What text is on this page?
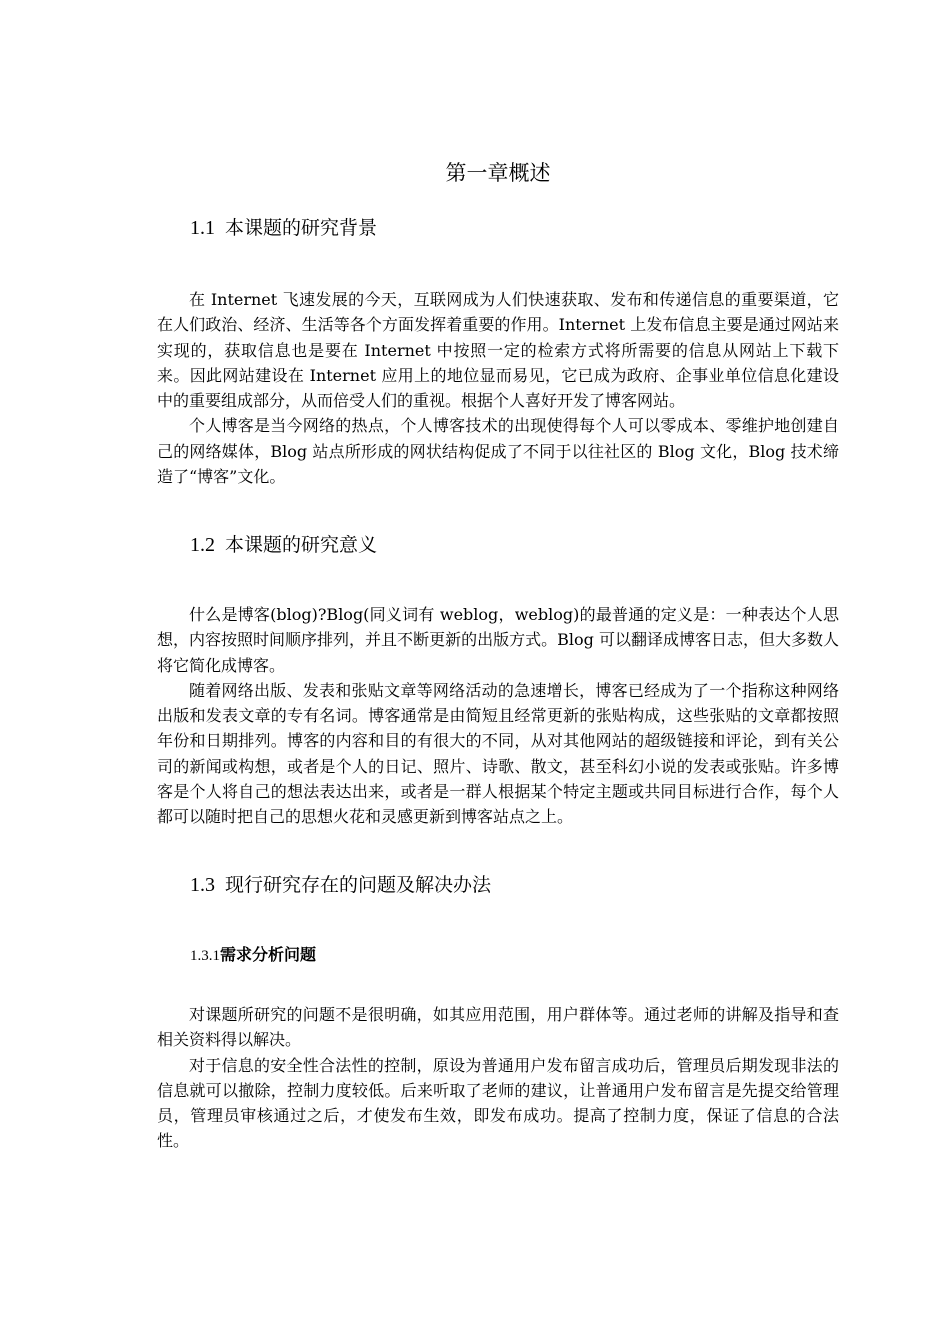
第一章概述
1.1 本课题的研究背景

在 Internet 飞速发展的今天，互联网成为人们快速获取、发布和传递信息的重要渠道，它在人们政治、经济、生活等各个方面发挥着重要的作用。Internet 上发布信息主要是通过网站来实现的，获取信息也是要在 Internet 中按照一定的检索方式将所需要的信息从网站上下载下来。因此网站建设在 Internet 应用上的地位显而易见，它已成为政府、企事业单位信息化建设中的重要组成部分，从而倍受人们的重视。根据个人喜好开发了博客网站。

个人博客是当今网络的热点，个人博客技术的出现使得每个人可以零成本、零维护地创建自己的网络媒体，Blog 站点所形成的网状结构促成了不同于以往社区的 Blog 文化，Blog 技术缔造了“博客”文化。

1.2 本课题的研究意义

什么是博客(blog)?Blog(同义词有 weblog，weblog)的最普通的定义是：一种表达个人思想，内容按照时间顺序排列，并且不断更新的出版方式。Blog 可以翻译成博客日志，但大多数人将它简化成博客。

随着网络出版、发表和张贴文章等网络活动的急速增长，博客已经成为了一个指称这种网络出版和发表文章的专有名词。博客通常是由简短且经常更新的张贴构成，这些张贴的文章都按照年份和日期排列。博客的内容和目的有很大的不同，从对其他网站的超级链接和评论，到有关公司的新闻或构想，或者是个人的日记、照片、诗歌、散文，甚至科幻小说的发表或张贴。许多博客是个人将自己的想法表达出来，或者是一群人根据某个特定主题或共同目标进行合作，每个人都可以随时把自己的思想火花和灵感更新到博客站点之上。

1.3 现行研究存在的问题及解决办法
1.3.1需求分析问题

对课题所研究的问题不是很明确，如其应用范围，用户群体等。通过老师的讲解及指导和查相关资料得以解决。

对于信息的安全性合法性的控制，原设为普通用户发布留言成功后，管理员后期发现非法的信息就可以撤除，控制力度较低。后来听取了老师的建议，让普通用户发布留言是先提交给管理员，管理员审核通过之后，才使发布生效，即发布成功。提高了控制力度，保证了信息的合法性。
